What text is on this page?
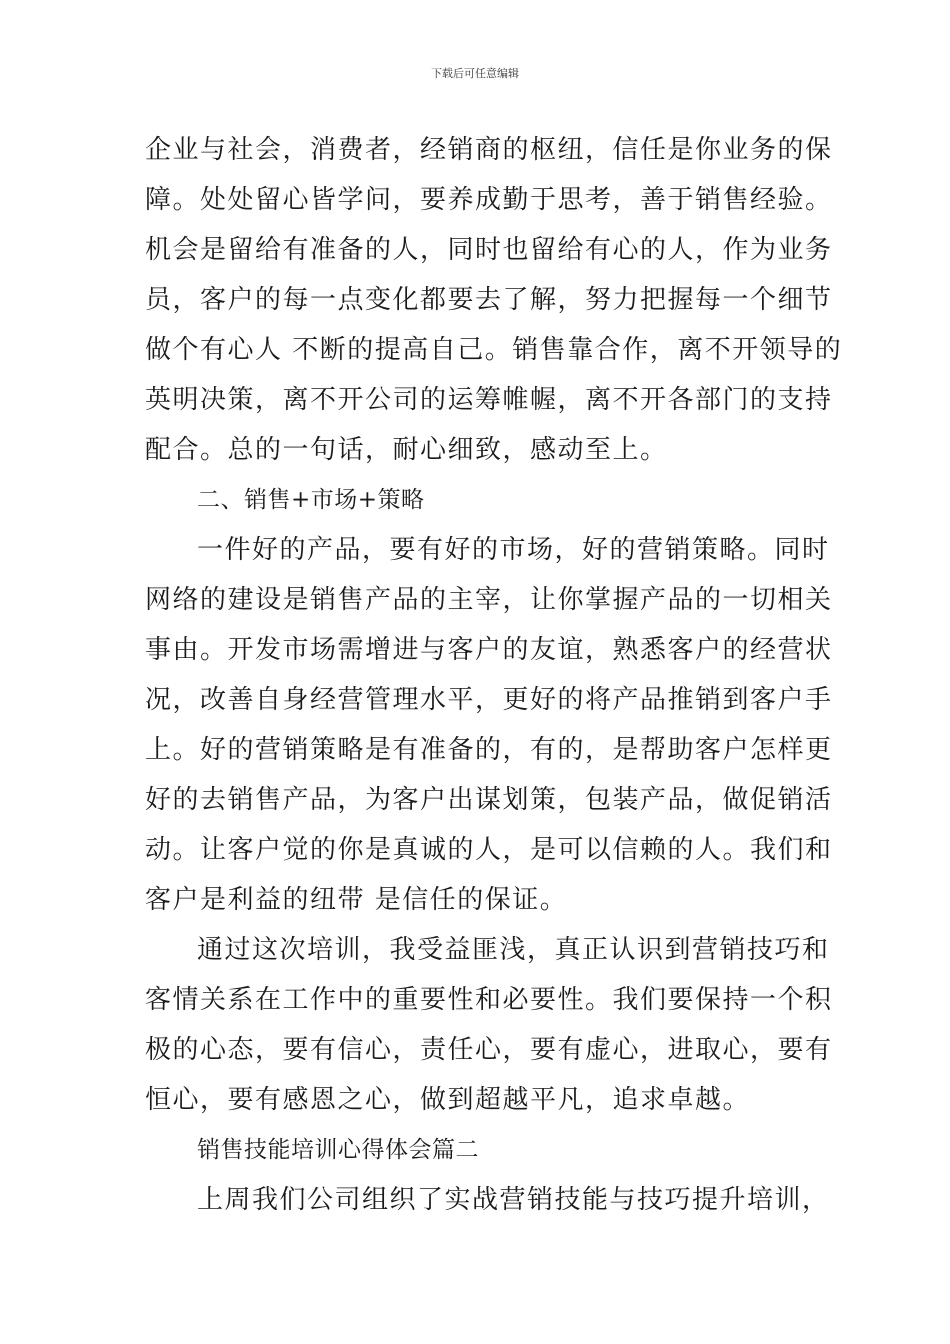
下载后可任意编辑
企业与社会，消费者，经销商的枢纽，信任是你业务的保
障。处处留心皆学问，要养成勤于思考，善于销售经验。
机会是留给有准备的人，同时也留给有心的人，作为业务
员，客户的每一点变化都要去了解，努力把握每一个细节
做个有心人 不断的提高自己。销售靠合作，离不开领导的
英明决策，离不开公司的运筹帷幄，离不开各部门的支持
配合。总的一句话，耐心细致，感动至上。
二、销售+市场+策略
一件好的产品，要有好的市场，好的营销策略。同时
网络的建设是销售产品的主宰，让你掌握产品的一切相关
事由。开发市场需增进与客户的友谊，熟悉客户的经营状
况，改善自身经营管理水平，更好的将产品推销到客户手
上。好的营销策略是有准备的，有的，是帮助客户怎样更
好的去销售产品，为客户出谋划策，包装产品，做促销活
动。让客户觉的你是真诚的人，是可以信赖的人。我们和
客户是利益的纽带 是信任的保证。
通过这次培训，我受益匪浅，真正认识到营销技巧和
客情关系在工作中的重要性和必要性。我们要保持一个积
极的心态，要有信心，责任心，要有虚心，进取心，要有
恒心，要有感恩之心，做到超越平凡，追求卓越。
销售技能培训心得体会篇二
上周我们公司组织了实战营销技能与技巧提升培训，
